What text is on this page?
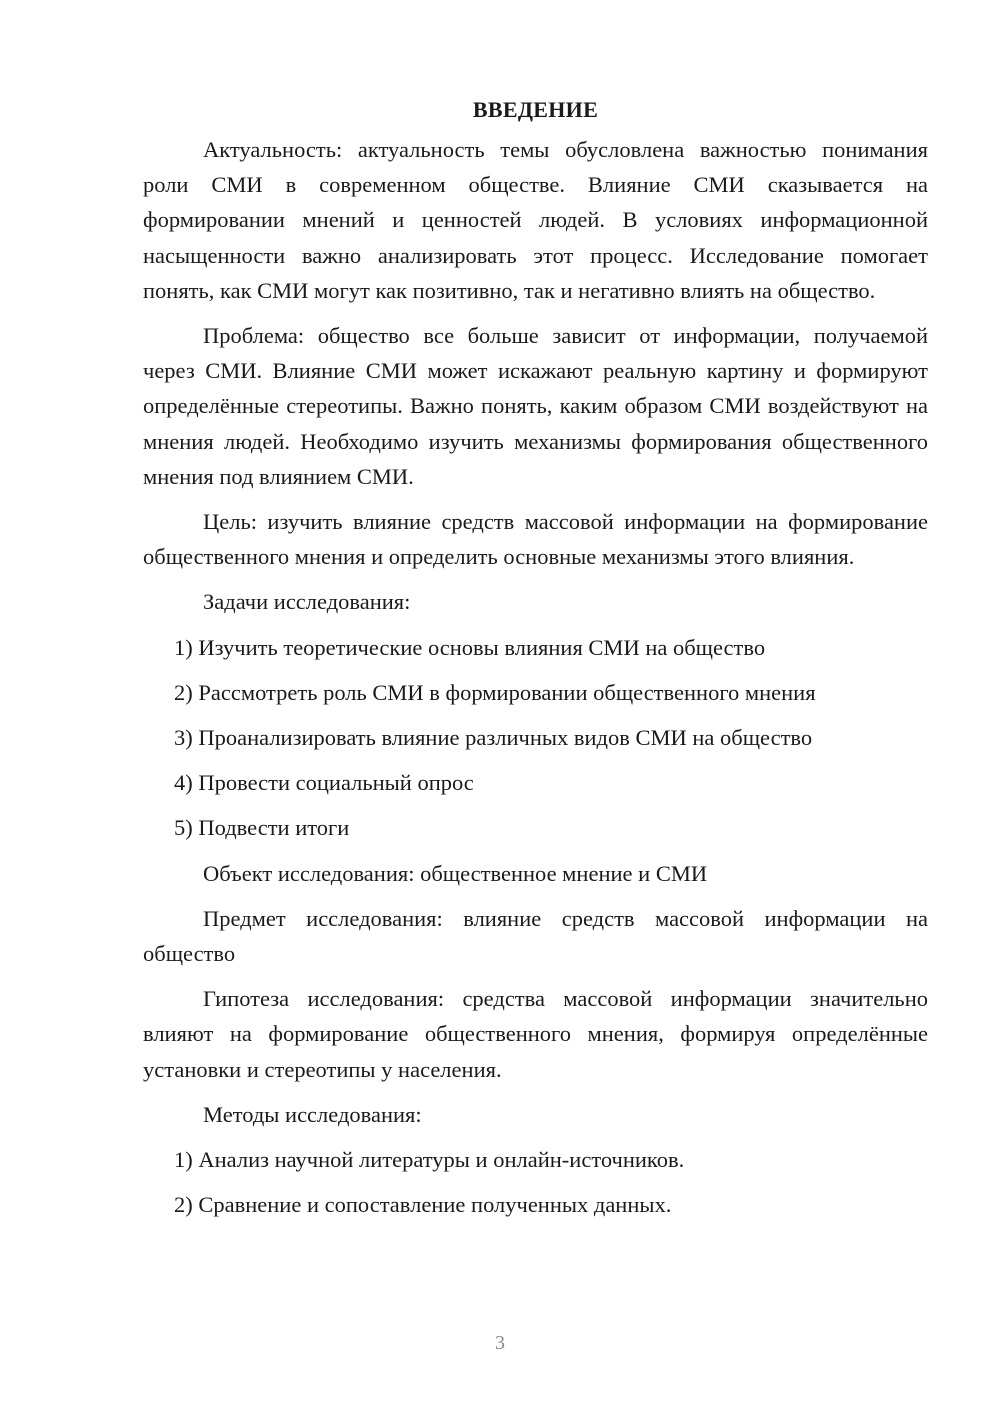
ВВЕДЕНИЕ

Актуальность: актуальность темы обусловлена важностью понимания роли СМИ в современном обществе. Влияние СМИ сказывается на формировании мнений и ценностей людей. В условиях информационной насыщенности важно анализировать этот процесс. Исследование помогает понять, как СМИ могут как позитивно, так и негативно влиять на общество.

Проблема: общество все больше зависит от информации, получаемой через СМИ. Влияние СМИ может искажают реальную картину и формируют определённые стереотипы. Важно понять, каким образом СМИ воздействуют на мнения людей. Необходимо изучить механизмы формирования общественного мнения под влиянием СМИ.

Цель: изучить влияние средств массовой информации на формирование общественного мнения и определить основные механизмы этого влияния.

Задачи исследования:

1) Изучить теоретические основы влияния СМИ на общество

2) Рассмотреть роль СМИ в формировании общественного мнения

3) Проанализировать влияние различных видов СМИ на общество

4) Провести социальный опрос

5) Подвести итоги

Объект исследования: общественное мнение и СМИ

Предмет исследования: влияние средств массовой информации на общество

Гипотеза исследования: средства массовой информации значительно влияют на формирование общественного мнения, формируя определённые установки и стереотипы у населения.

Методы исследования:

1) Анализ научной литературы и онлайн-источников.

2) Сравнение и сопоставление полученных данных.

3
